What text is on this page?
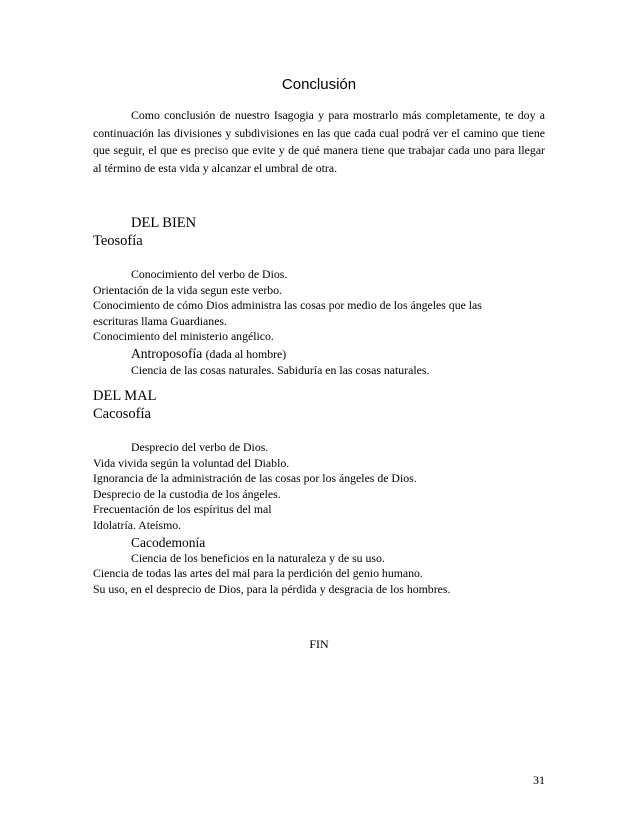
Conclusión

Como conclusión de nuestro Isagogia y para mostrarlo más completamente, te doy a continuación las divisiones y subdivisiones en las que cada cual podrá ver el camino que tiene que seguir, el que es preciso que evite y de qué manera tiene que trabajar cada uno para llegar al término de esta vida y alcanzar el umbral de otra.

DEL BIEN
Teosofía
Conocimiento del verbo de Dios.
Orientación de la vida segun este verbo.
Conocimiento de cómo Dios administra las cosas por medio de los ángeles que las
escrituras llama Guardianes.
Conocimiento del ministerio angélico.
Antroposofía (dada al hombre)
Ciencia de las cosas naturales. Sabiduría en las cosas naturales.
DEL MAL
Cacosofía
Desprecio del verbo de Dios.
Vida vivida según la voluntad del Diablo.
Ignorancia de la administración de las cosas por los ángeles de Dios.
Desprecio de la custodia de los ángeles.
Frecuentación de los espíritus del mal
Idolatría. Ateísmo.
Cacodemonía
Ciencia de los beneficios en la naturaleza y de su uso.
Ciencia de todas las artes del mal para la perdición del genio humano.
Su uso, en el desprecio de Dios, para la pérdida y desgracia de los hombres.
FIN
31
